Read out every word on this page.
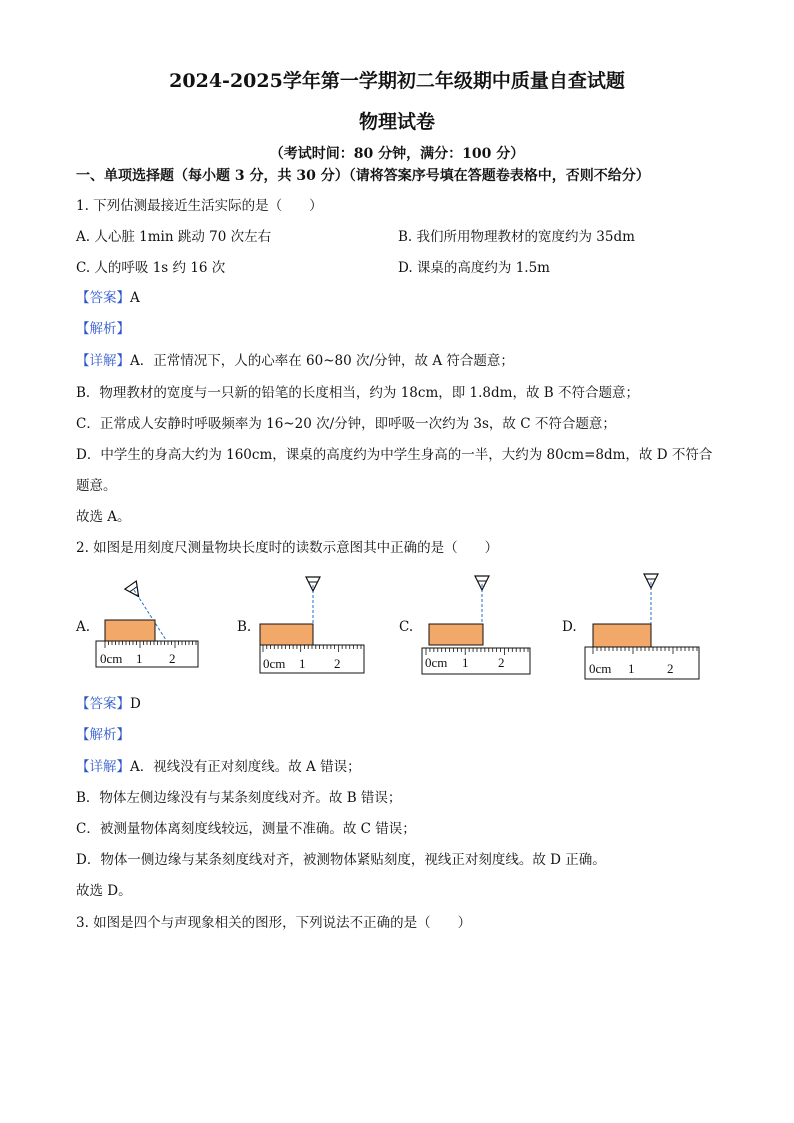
2024-2025学年第一学期初二年级期中质量自查试题
物理试卷
（考试时间：80 分钟，满分：100 分）
一、单项选择题（每小题 3 分，共 30 分）（请将答案序号填在答题卷表格中，否则不给分）
1. 下列估测最接近生活实际的是（　　）
A. 人心脏 1min 跳动 70 次左右	B. 我们所用物理教材的宽度约为 35dm
C. 人的呼吸 1s 约 16 次	D. 课桌的高度约为 1.5m
【答案】A
【解析】
【详解】A．正常情况下，人的心率在 60~80 次/分钟，故 A 符合题意；
B．物理教材的宽度与一只新的铅笔的长度相当，约为 18cm，即 1.8dm，故 B 不符合题意；
C．正常成人安静时呼吸频率为 16~20 次/分钟，即呼吸一次约为 3s，故 C 不符合题意；
D．中学生的身高大约为 160cm，课桌的高度约为中学生身高的一半，大约为 80cm=8dm，故 D 不符合
题意。
故选 A。
2. 如图是用刻度尺测量物块长度时的读数示意图其中正确的是（　　）
A.
0cm 1 2
B.
0cm 1 2
C.
0cm 1 2
D.
0cm 1	2
【答案】D
【解析】
【详解】A．视线没有正对刻度线。故 A 错误；
B．物体左侧边缘没有与某条刻度线对齐。故 B 错误；
C．被测量物体离刻度线较远，测量不准确。故 C 错误；
D．物体一侧边缘与某条刻度线对齐，被测物体紧贴刻度，视线正对刻度线。故 D 正确。
故选 D。
3. 如图是四个与声现象相关的图形，下列说法不正确的是（　　）
